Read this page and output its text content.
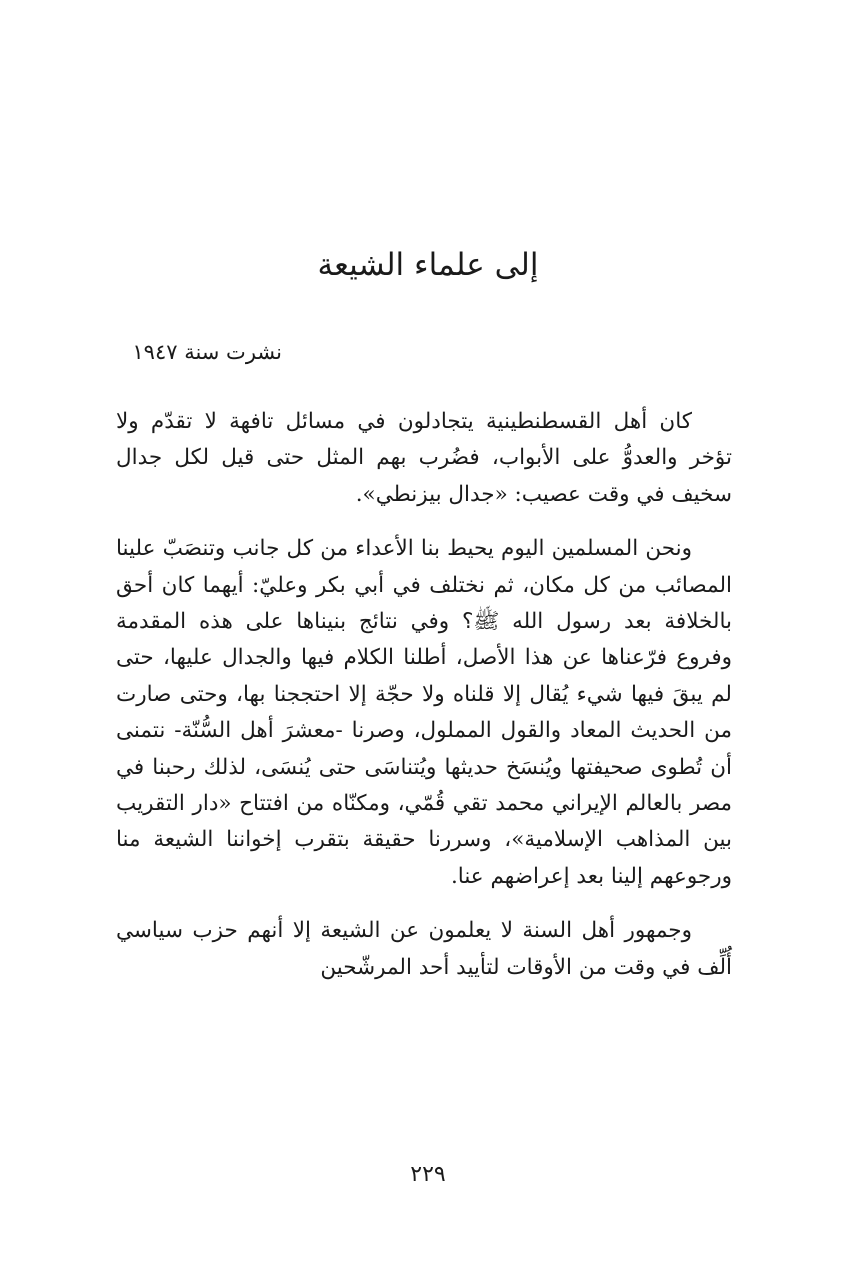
إلى علماء الشيعة
نشرت سنة ١٩٤٧

كان أهل القسطنطينية يتجادلون في مسائل تافهة لا تقدّم ولا تؤخر والعدوُّ على الأبواب، فضُرب بهم المثل حتى قيل لكل جدال سخيف في وقت عصيب: «جدال بيزنطي».

ونحن المسلمين اليوم يحيط بنا الأعداء من كل جانب وتنصَبّ علينا المصائب من كل مكان، ثم نختلف في أبي بكر وعليّ: أيهما كان أحق بالخلافة بعد رسول الله ﷺ؟ وفي نتائج بنيناها على هذه المقدمة وفروع فرّعناها عن هذا الأصل، أطلنا الكلام فيها والجدال عليها، حتى لم يبقَ فيها شيء يُقال إلا قلناه ولا حجّة إلا احتججنا بها، وحتى صارت من الحديث المعاد والقول المملول، وصرنا -معشرَ أهل السُّنّة- نتمنى أن تُطوى صحيفتها ويُنسَخ حديثها ويُتناسَى حتى يُنسَى، لذلك رحبنا في مصر بالعالم الإيراني محمد تقي قُمّي، ومكنّاه من افتتاح «دار التقريب بين المذاهب الإسلامية»، وسررنا حقيقة بتقرب إخواننا الشيعة منا ورجوعهم إلينا بعد إعراضهم عنا.

وجمهور أهل السنة لا يعلمون عن الشيعة إلا أنهم حزب سياسي أُلِّف في وقت من الأوقات لتأييد أحد المرشّحين

٢٢٩
